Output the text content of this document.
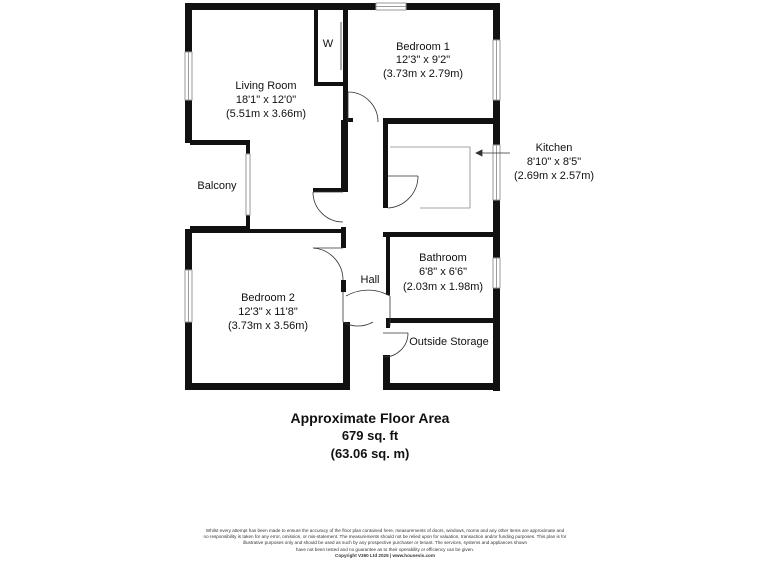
W	Bedroom 1
12'3" x 9'2"
(3.73m x 2.79m)
Living Room
18'1" x 12'0"
(5.51m x 3.66m)
Kitchen
8'10" x 8'5"
(2.69m x 2.57m)
Balcony
Bathroom
6'8" x 6'6"
(2.03m x 1.98m)
Hall
Bedroom 2
12'3" x 11'8"
(3.73m x 3.56m)
Outside Storage
Approximate Floor Area
679 sq. ft
(63.06 sq. m)
Whilst every attempt has been made to ensure the accuracy of the floor plan contained here, measurements of doors, windows, rooms and any other items are approximate and
no responsibility is taken for any error, omission, or mis-statement. The measurements should not be relied upon for valuation, transaction and/or funding purposes. This plan is for
illustrative purposes only and should be used as such by any prospective purchaser or tenant. The services, systems and appliances shown
have not been tested and no guarantee as to their operability or efficiency can be given.
Copyright V360 Ltd 2025 | www.housevis.com
